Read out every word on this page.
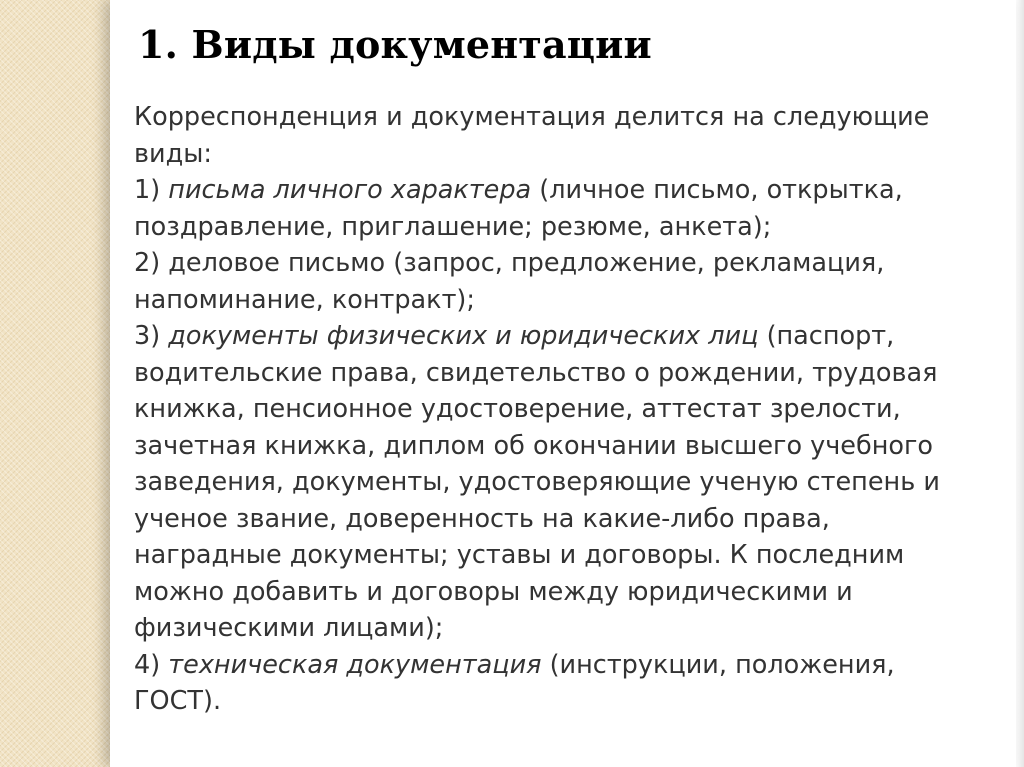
1. Виды документации
Корреспонденция и документация делится на следующие виды:
1) письма личного характера (личное письмо, открытка, поздравление, приглашение; резюме, анкета);
2) деловое письмо (запрос, предложение, рекламация, напоминание, контракт);
3) документы физических и юридических лиц (паспорт, водительские права, свидетельство о рождении, трудовая книжка, пенсионное удостоверение, аттестат зрелости, зачетная книжка, диплом об окончании высшего учебного заведения, документы, удостоверяющие ученую степень и ученое звание, доверенность на какие-либо права, наградные документы; уставы и договоры. К последним можно добавить и договоры между юридическими и физическими лицами);
4) техническая документация (инструкции, положения, ГОСТ).
